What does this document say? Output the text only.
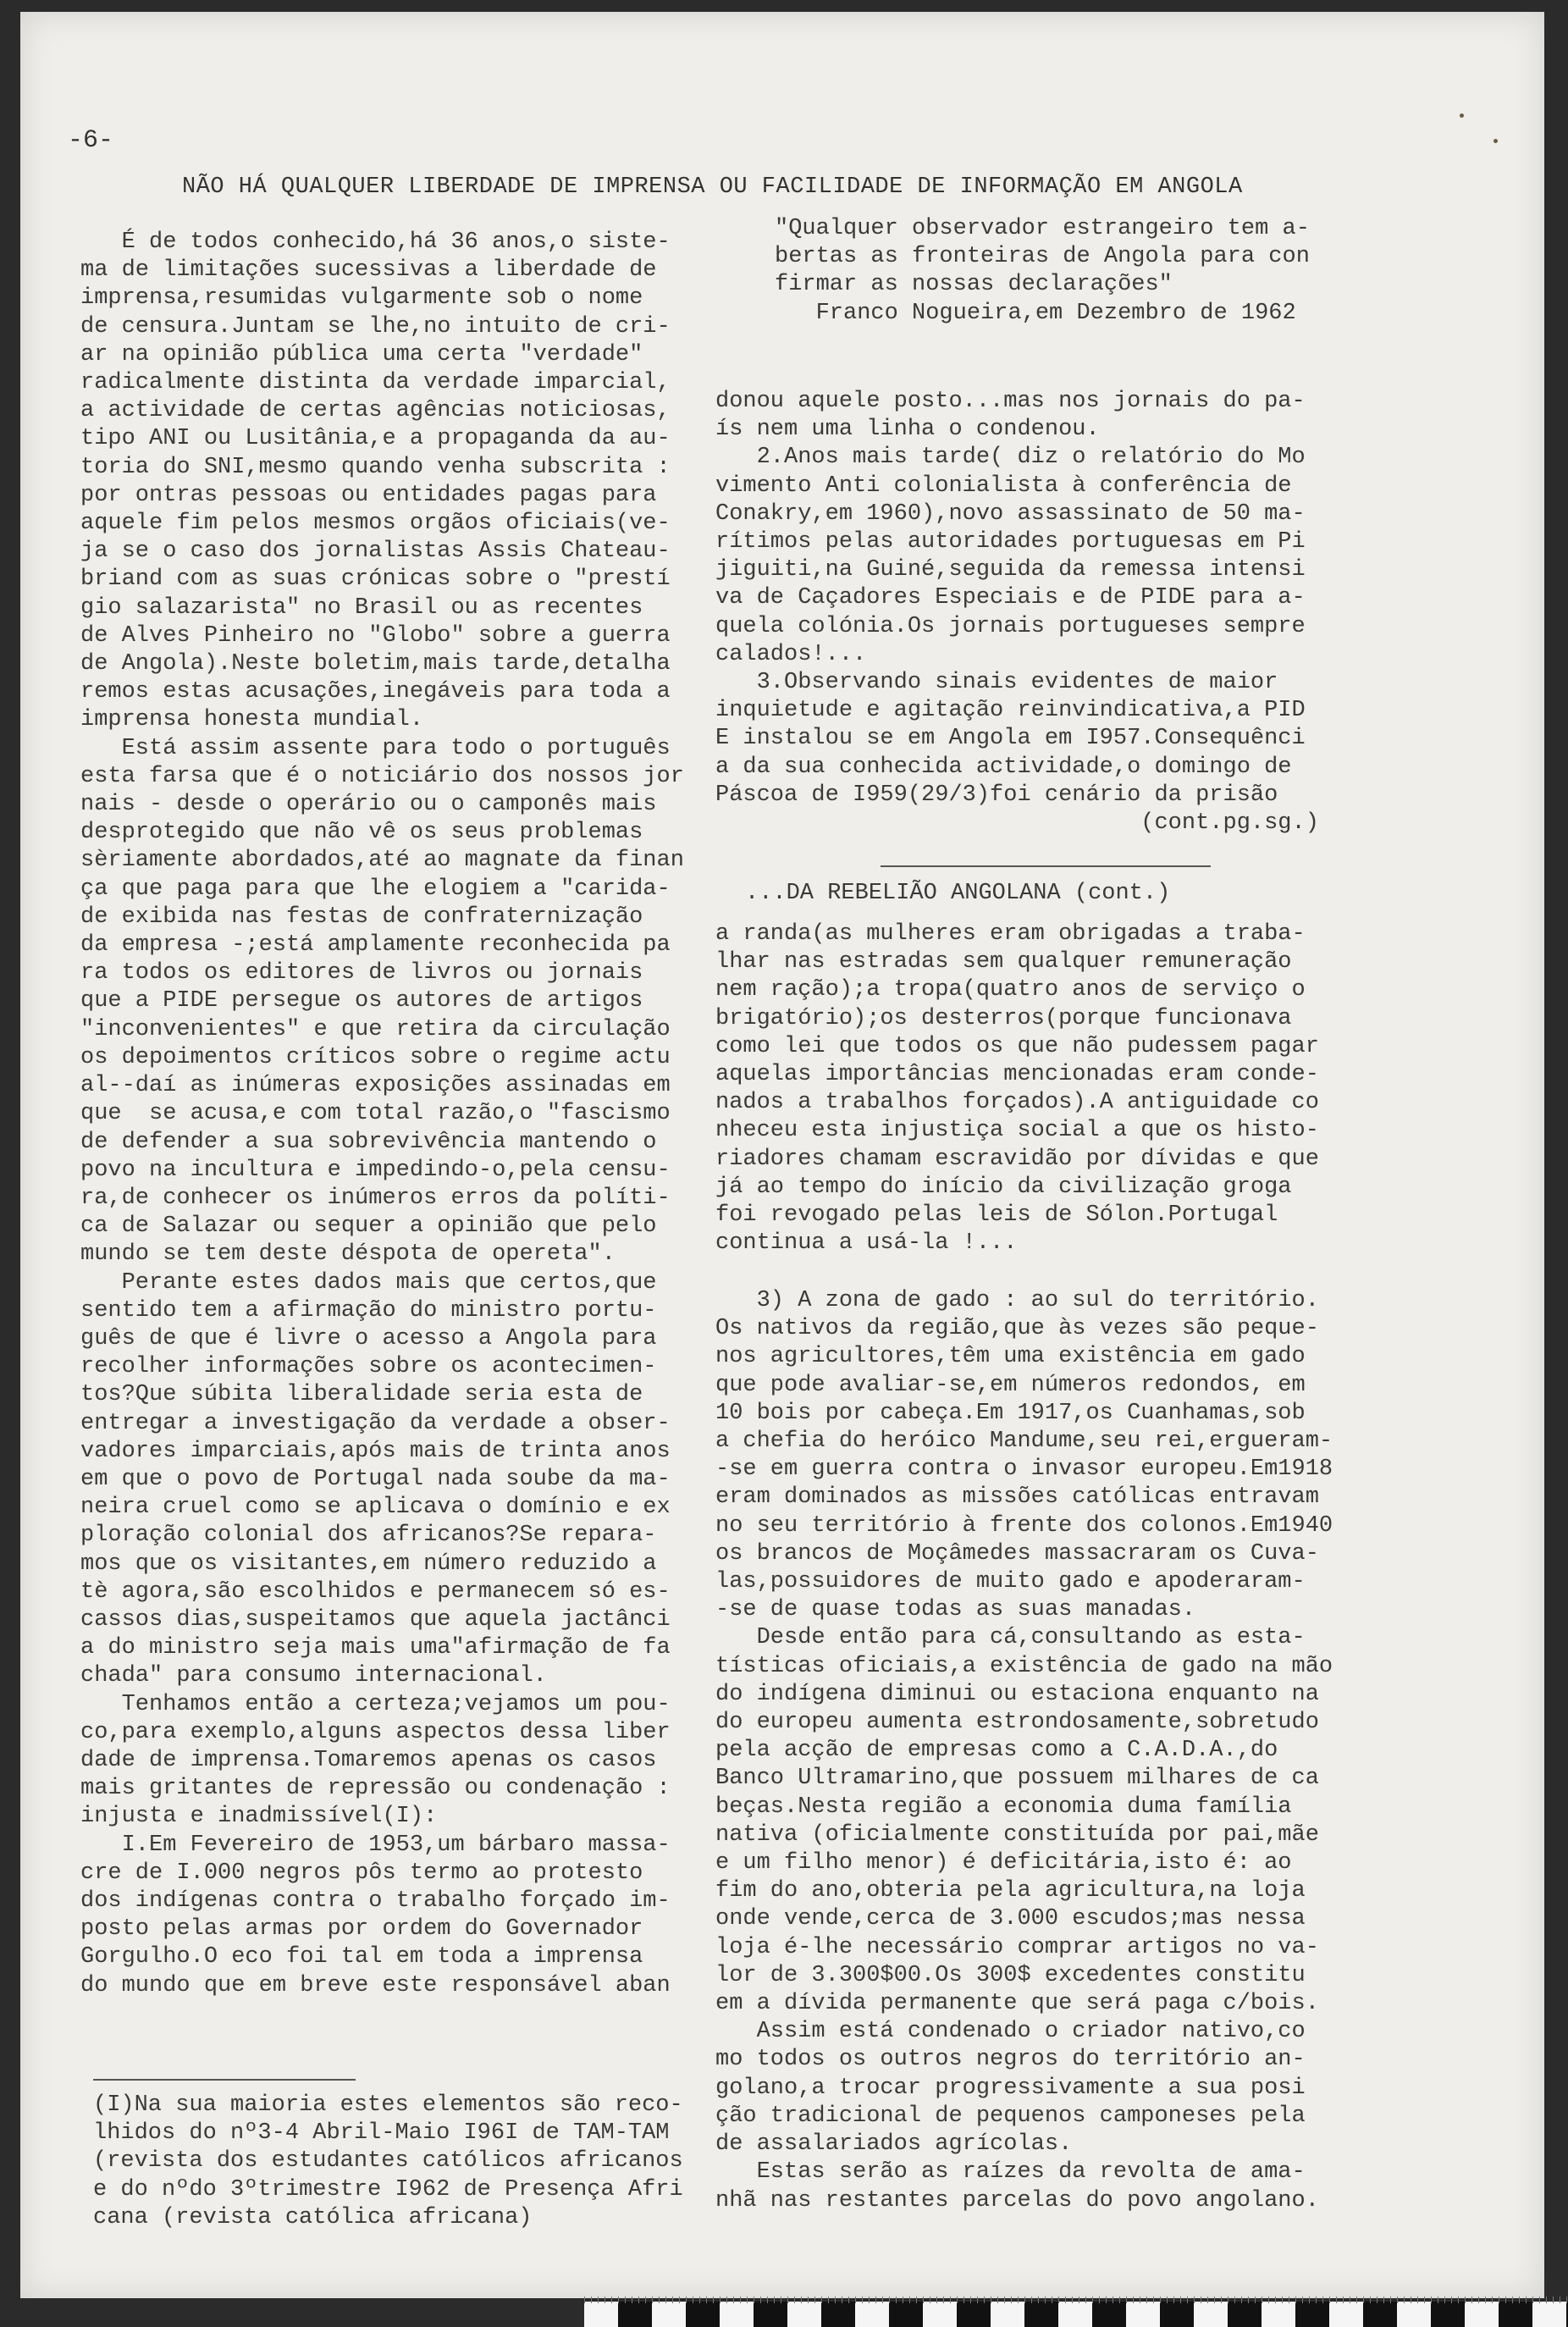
-6-
NÃO HÁ QUALQUER LIBERDADE DE IMPRENSA OU FACILIDADE DE INFORMAÇÃO EM ANGOLA
É de todos conhecido,há 36 anos,o siste-
ma de limitações sucessivas a liberdade de
imprensa,resumidas vulgarmente sob o nome
de censura.Juntam se lhe,no intuito de cri-
ar na opinião pública uma certa "verdade"
radicalmente distinta da verdade imparcial,
a actividade de certas agências noticiosas,
tipo ANI ou Lusitânia,e a propaganda da au-
toria do SNI,mesmo quando venha subscrita :
por ontras pessoas ou entidades pagas para
aquele fim pelos mesmos orgãos oficiais(ve-
ja se o caso dos jornalistas Assis Chateau-
briand com as suas crónicas sobre o "prestí
gio salazarista" no Brasil ou as recentes
de Alves Pinheiro no "Globo" sobre a guerra
de Angola).Neste boletim,mais tarde,detalha
remos estas acusações,inegáveis para toda a
imprensa honesta mundial.
Está assim assente para todo o português
esta farsa que é o noticiário dos nossos jor
nais - desde o operário ou o camponês mais
desprotegido que não vê os seus problemas
sèriamente abordados,até ao magnate da finan
ça que paga para que lhe elogiem a "carida-
de exibida nas festas de confraternização
da empresa -;está amplamente reconhecida pa
ra todos os editores de livros ou jornais
que a PIDE persegue os autores de artigos
"inconvenientes" e que retira da circulação
os depoimentos críticos sobre o regime actu
al--daí as inúmeras exposições assinadas em
que  se acusa,e com total razão,o "fascismo
de defender a sua sobrevivência mantendo o
povo na incultura e impedindo-o,pela censu-
ra,de conhecer os inúmeros erros da políti-
ca de Salazar ou sequer a opinião que pelo
mundo se tem deste déspota de opereta".
Perante estes dados mais que certos,que
sentido tem a afirmação do ministro portu-
guês de que é livre o acesso a Angola para
recolher informações sobre os acontecimen-
tos?Que súbita liberalidade seria esta de
entregar a investigação da verdade a obser-
vadores imparciais,após mais de trinta anos
em que o povo de Portugal nada soube da ma-
neira cruel como se aplicava o domínio e ex
ploração colonial dos africanos?Se repara-
mos que os visitantes,em número reduzido a
tè agora,são escolhidos e permanecem só es-
cassos dias,suspeitamos que aquela jactânci
a do ministro seja mais uma"afirmação de fa
chada" para consumo internacional.
Tenhamos então a certeza;vejamos um pou-
co,para exemplo,alguns aspectos dessa liber
dade de imprensa.Tomaremos apenas os casos
mais gritantes de repressão ou condenação :
injusta e inadmissível(I):
I.Em Fevereiro de 1953,um bárbaro massa-
cre de I.000 negros pôs termo ao protesto
dos indígenas contra o trabalho forçado im-
posto pelas armas por ordem do Governador
Gorgulho.O eco foi tal em toda a imprensa
do mundo que em breve este responsável aban
"Qualquer observador estrangeiro tem a-
bertas as fronteiras de Angola para con
firmar as nossas declarações"
Franco Nogueira,em Dezembro de 1962
donou aquele posto...mas nos jornais do pa-
ís nem uma linha o condenou.
2.Anos mais tarde( diz o relatório do Mo
vimento Anti colonialista à conferência de
Conakry,em 1960),novo assassinato de 50 ma-
rítimos pelas autoridades portuguesas em Pi
jiguiti,na Guiné,seguida da remessa intensi
va de Caçadores Especiais e de PIDE para a-
quela colónia.Os jornais portugueses sempre
calados!...
3.Observando sinais evidentes de maior
inquietude e agitação reinvindicativa,a PID
E instalou se em Angola em I957.Consequênci
a da sua conhecida actividade,o domingo de
Páscoa de I959(29/3)foi cenário da prisão
(cont.pg.sg.)
...DA REBELIÃO ANGOLANA (cont.)
a randa(as mulheres eram obrigadas a traba-
lhar nas estradas sem qualquer remuneração
nem ração);a tropa(quatro anos de serviço o
brigatório);os desterros(porque funcionava
como lei que todos os que não pudessem pagar
aquelas importâncias mencionadas eram conde-
nados a trabalhos forçados).A antiguidade co
nheceu esta injustiça social a que os histo-
riadores chamam escravidão por dívidas e que
já ao tempo do início da civilização groga
foi revogado pelas leis de Sólon.Portugal
continua a usá-la !...
3) A zona de gado : ao sul do território.
Os nativos da região,que às vezes são peque-
nos agricultores,têm uma existência em gado
que pode avaliar-se,em números redondos, em
10 bois por cabeça.Em 1917,os Cuanhamas,sob
a chefia do heróico Mandume,seu rei,ergueram-
-se em guerra contra o invasor europeu.Em1918
eram dominados as missões católicas entravam
no seu território à frente dos colonos.Em1940
os brancos de Moçâmedes massacraram os Cuva-
las,possuidores de muito gado e apoderaram-
-se de quase todas as suas manadas.
Desde então para cá,consultando as esta-
tísticas oficiais,a existência de gado na mão
do indígena diminui ou estaciona enquanto na
do europeu aumenta estrondosamente,sobretudo
pela acção de empresas como a C.A.D.A.,do
Banco Ultramarino,que possuem milhares de ca
beças.Nesta região a economia duma família
nativa (oficialmente constituída por pai,mãe
e um filho menor) é deficitária,isto é: ao
fim do ano,obteria pela agricultura,na loja
onde vende,cerca de 3.000 escudos;mas nessa
loja é-lhe necessário comprar artigos no va-
lor de 3.300$00.Os 300$ excedentes constitu
em a dívida permanente que será paga c/bois.
Assim está condenado o criador nativo,co
mo todos os outros negros do território an-
golano,a trocar progressivamente a sua posi
ção tradicional de pequenos camponeses pela
de assalariados agrícolas.
Estas serão as raízes da revolta de ama-
nhã nas restantes parcelas do povo angolano.
(I)Na sua maioria estes elementos são reco-
lhidos do nº3-4 Abril-Maio I96I de TAM-TAM
(revista dos estudantes católicos africanos
e do nºdo 3ºtrimestre I962 de Presença Afri
cana (revista católica africana)
